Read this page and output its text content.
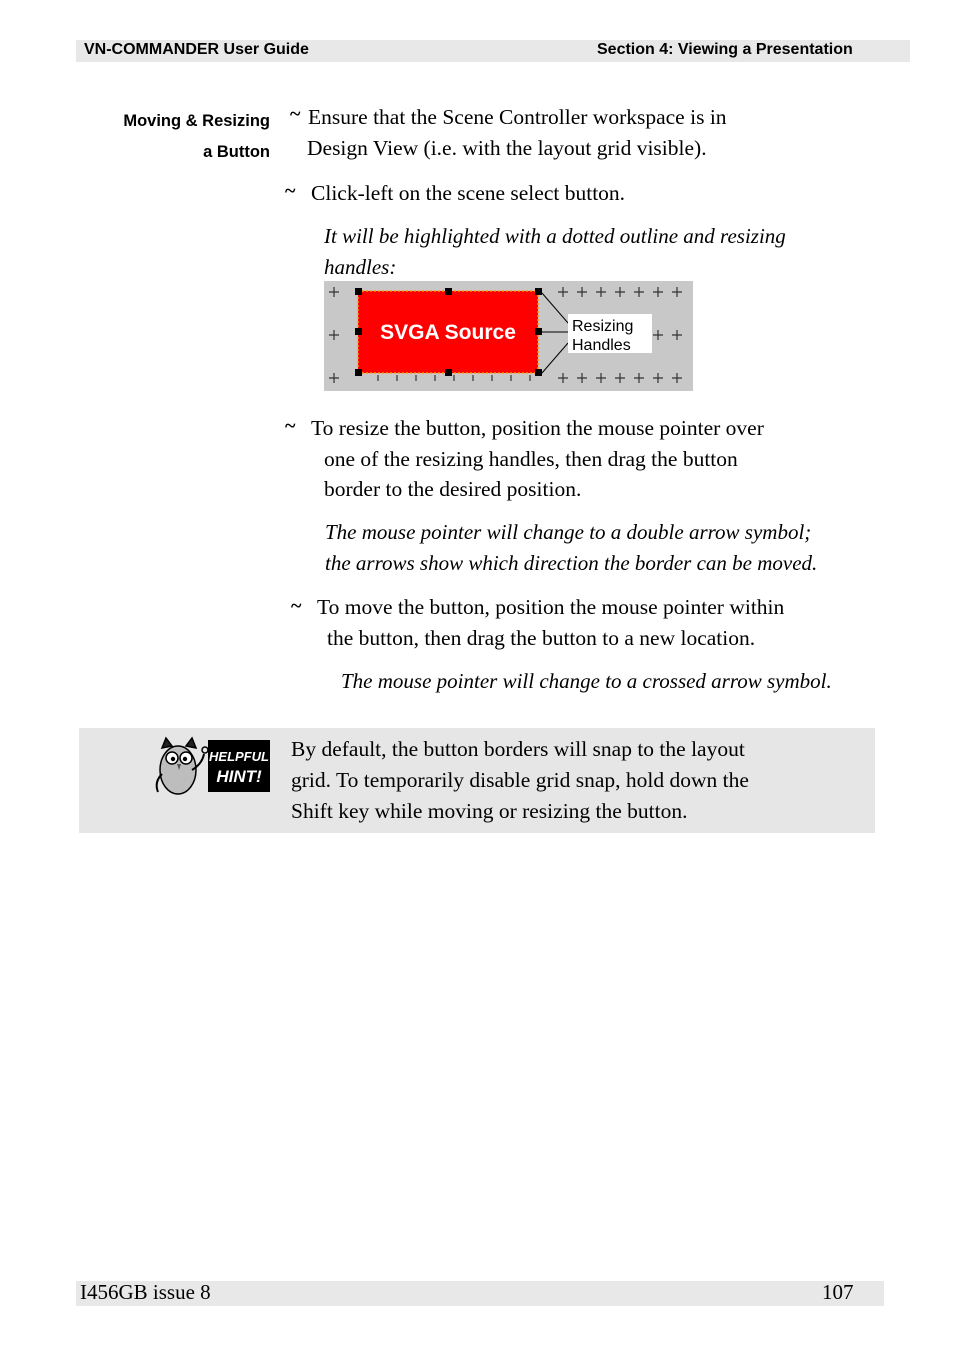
VN-COMMANDER User Guide	Section 4: Viewing a Presentation
Moving & Resizing
a Button
~ Ensure that the Scene Controller workspace is in
Design View (i.e. with the layout grid visible).
~ Click-left on the scene select button.
It will be highlighted with a dotted outline and resizing
handles:
SVGA Source	Resizing
Handles
~ To resize the button, position the mouse pointer over
one of the resizing handles, then drag the button
border to the desired position.
The mouse pointer will change to a double arrow symbol;
the arrows show which direction the border can be moved.
~ To move the button, position the mouse pointer within
the button, then drag the button to a new location.
The mouse pointer will change to a crossed arrow symbol.
HELPFUL
HINT!
By default, the button borders will snap to the layout
grid. To temporarily disable grid snap, hold down the
Shift key while moving or resizing the button.
I456GB issue 8	107
